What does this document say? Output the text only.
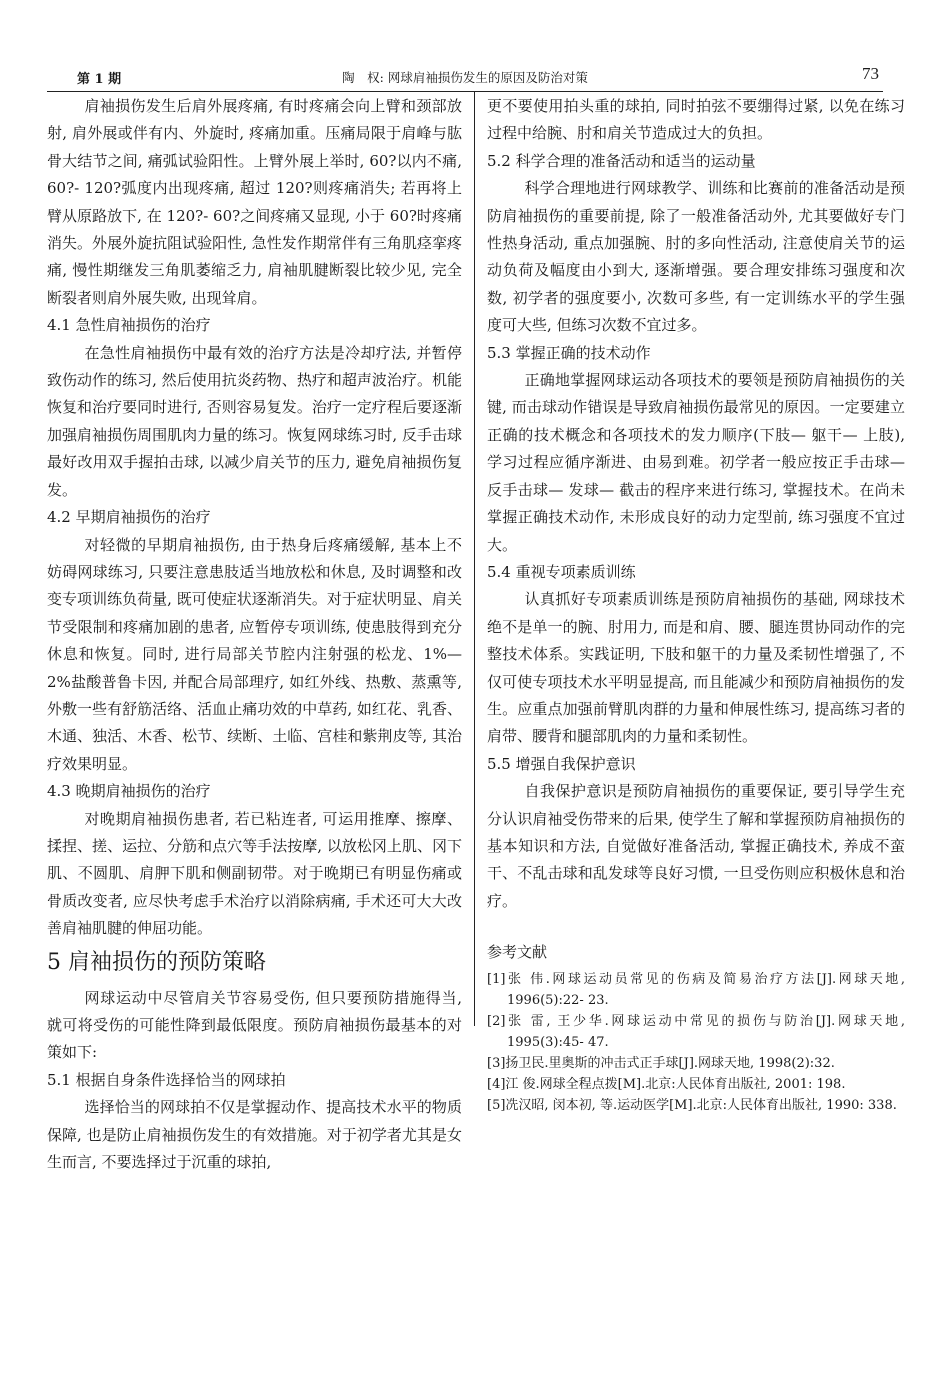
第 1 期	陶　权: 网球肩袖损伤发生的原因及防治对策	73

肩袖损伤发生后肩外展疼痛, 有时疼痛会向上臂和颈部放射, 肩外展或伴有内、外旋时, 疼痛加重。压痛局限于肩峰与肱骨大结节之间, 痛弧试验阳性。上臂外展上举时, 60?以内不痛, 60?- 120?弧度内出现疼痛, 超过 120?则疼痛消失; 若再将上臂从原路放下, 在 120?- 60?之间疼痛又显现, 小于 60?时疼痛消失。外展外旋抗阻试验阳性, 急性发作期常伴有三角肌痉挛疼痛, 慢性期继发三角肌萎缩乏力, 肩袖肌腱断裂比较少见, 完全断裂者则肩外展失败, 出现耸肩。

4.1 急性肩袖损伤的治疗

在急性肩袖损伤中最有效的治疗方法是冷却疗法, 并暂停致伤动作的练习, 然后使用抗炎药物、热疗和超声波治疗。机能恢复和治疗要同时进行, 否则容易复发。治疗一定疗程后要逐渐加强肩袖损伤周围肌肉力量的练习。恢复网球练习时, 反手击球最好改用双手握拍击球, 以减少肩关节的压力, 避免肩袖损伤复发。

4.2 早期肩袖损伤的治疗

对轻微的早期肩袖损伤, 由于热身后疼痛缓解, 基本上不妨碍网球练习, 只要注意患肢适当地放松和休息, 及时调整和改变专项训练负荷量, 既可使症状逐渐消失。对于症状明显、肩关节受限制和疼痛加剧的患者, 应暂停专项训练, 使患肢得到充分休息和恢复。同时, 进行局部关节腔内注射强的松龙、1%— 2%盐酸普鲁卡因, 并配合局部理疗, 如红外线、热敷、蒸熏等, 外敷一些有舒筋活络、活血止痛功效的中草药, 如红花、乳香、木通、独活、木香、松节、续断、土临、宫桂和紫荆皮等, 其治疗效果明显。

4.3 晚期肩袖损伤的治疗

对晚期肩袖损伤患者, 若已粘连者, 可运用推摩、擦摩、揉捏、搓、运拉、分筋和点穴等手法按摩, 以放松冈上肌、冈下肌、不圆肌、肩胛下肌和侧副韧带。对于晚期已有明显伤痛或骨质改变者, 应尽快考虑手术治疗以消除病痛, 手术还可大大改善肩袖肌腱的伸屈功能。

5 肩袖损伤的预防策略

网球运动中尽管肩关节容易受伤, 但只要预防措施得当, 就可将受伤的可能性降到最低限度。预防肩袖损伤最基本的对策如下:

5.1 根据自身条件选择恰当的网球拍

选择恰当的网球拍不仅是掌握动作、提高技术水平的物质保障, 也是防止肩袖损伤发生的有效措施。对于初学者尤其是女生而言, 不要选择过于沉重的球拍,

更不要使用拍头重的球拍, 同时拍弦不要绷得过紧, 以免在练习过程中给腕、肘和肩关节造成过大的负担。

5.2 科学合理的准备活动和适当的运动量

科学合理地进行网球教学、训练和比赛前的准备活动是预防肩袖损伤的重要前提, 除了一般准备活动外, 尤其要做好专门性热身活动, 重点加强腕、肘的多向性活动, 注意使肩关节的运动负荷及幅度由小到大, 逐渐增强。要合理安排练习强度和次数, 初学者的强度要小, 次数可多些, 有一定训练水平的学生强度可大些, 但练习次数不宜过多。

5.3 掌握正确的技术动作

正确地掌握网球运动各项技术的要领是预防肩袖损伤的关键, 而击球动作错误是导致肩袖损伤最常见的原因。一定要建立正确的技术概念和各项技术的发力顺序(下肢— 躯干— 上肢), 学习过程应循序渐进、由易到难。初学者一般应按正手击球— 反手击球— 发球— 截击的程序来进行练习, 掌握技术。在尚未掌握正确技术动作, 未形成良好的动力定型前, 练习强度不宜过大。

5.4 重视专项素质训练

认真抓好专项素质训练是预防肩袖损伤的基础, 网球技术绝不是单一的腕、肘用力, 而是和肩、腰、腿连贯协同动作的完整技术体系。实践证明, 下肢和躯干的力量及柔韧性增强了, 不仅可使专项技术水平明显提高, 而且能减少和预防肩袖损伤的发生。应重点加强前臂肌肉群的力量和伸展性练习, 提高练习者的肩带、腰背和腿部肌肉的力量和柔韧性。

5.5 增强自我保护意识

自我保护意识是预防肩袖损伤的重要保证, 要引导学生充分认识肩袖受伤带来的后果, 使学生了解和掌握预防肩袖损伤的基本知识和方法, 自觉做好准备活动, 掌握正确技术, 养成不蛮干、不乱击球和乱发球等良好习惯, 一旦受伤则应积极休息和治疗。

参考文献
[1]张 伟.网球运动员常见的伤病及简易治疗方法[J].网球天地, 1996(5):22- 23.
[2]张 雷, 王少华.网球运动中常见的损伤与防治[J].网球天地, 1995(3):45- 47.
[3]扬卫民.里奥斯的冲击式正手球[J].网球天地, 1998(2):32.
[4]江 俊.网球全程点拨[M].北京:人民体育出版社, 2001: 198.
[5]冼汉昭, 闵本初, 等.运动医学[M].北京:人民体育出版社, 1990: 338.
